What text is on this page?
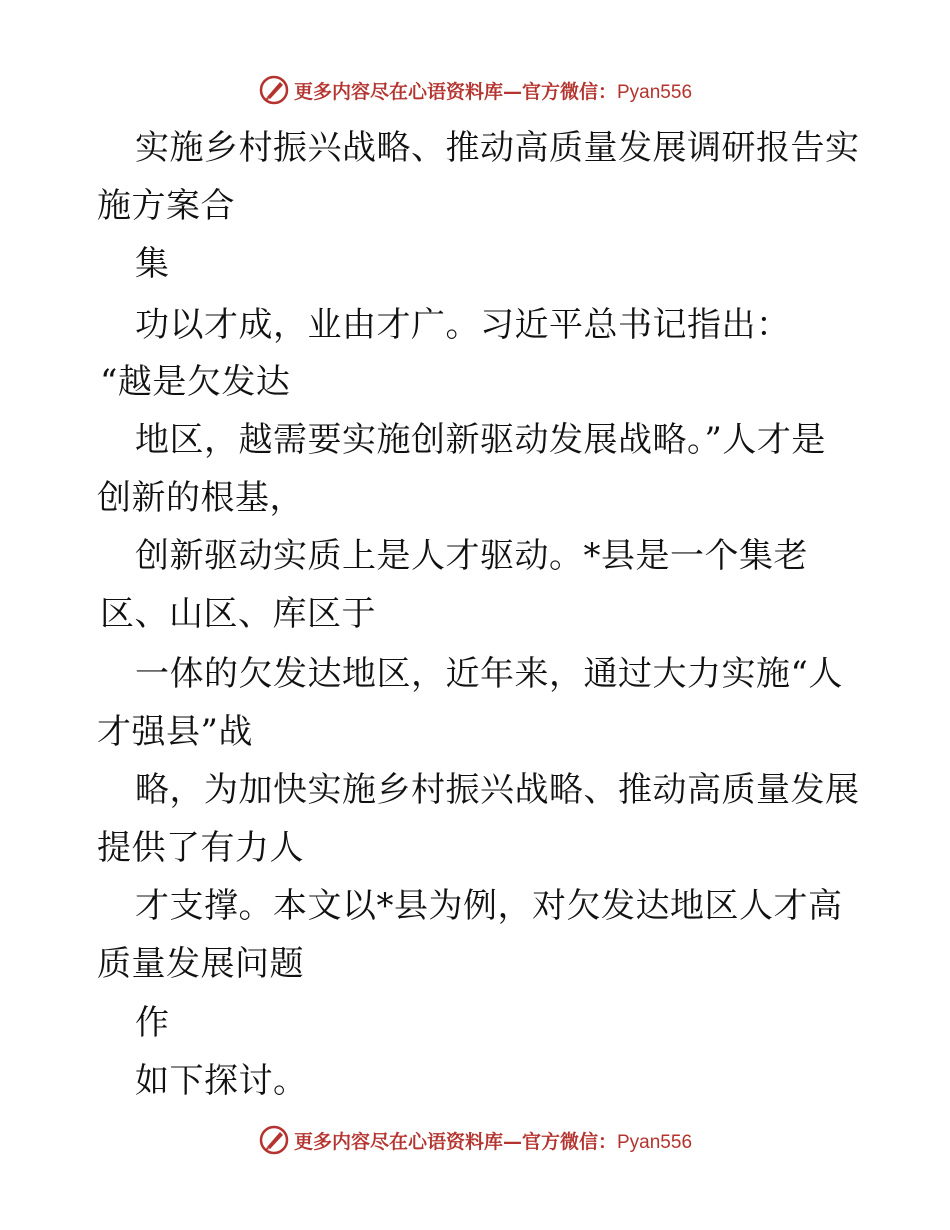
更多内容尽在心语资料库—官方微信：Pyan556
实施乡村振兴战略、推动高质量发展调研报告实
施方案合
集
功以才成，业由才广。习近平总书记指出：
“越是欠发达
地区，越需要实施创新驱动发展战略。”人才是
创新的根基，
创新驱动实质上是人才驱动。*县是一个集老
区、山区、库区于
一体的欠发达地区，近年来，通过大力实施“人
才强县”战
略，为加快实施乡村振兴战略、推动高质量发展
提供了有力人
才支撑。本文以*县为例，对欠发达地区人才高
质量发展问题
作
如下探讨。
更多内容尽在心语资料库—官方微信：Pyan556
